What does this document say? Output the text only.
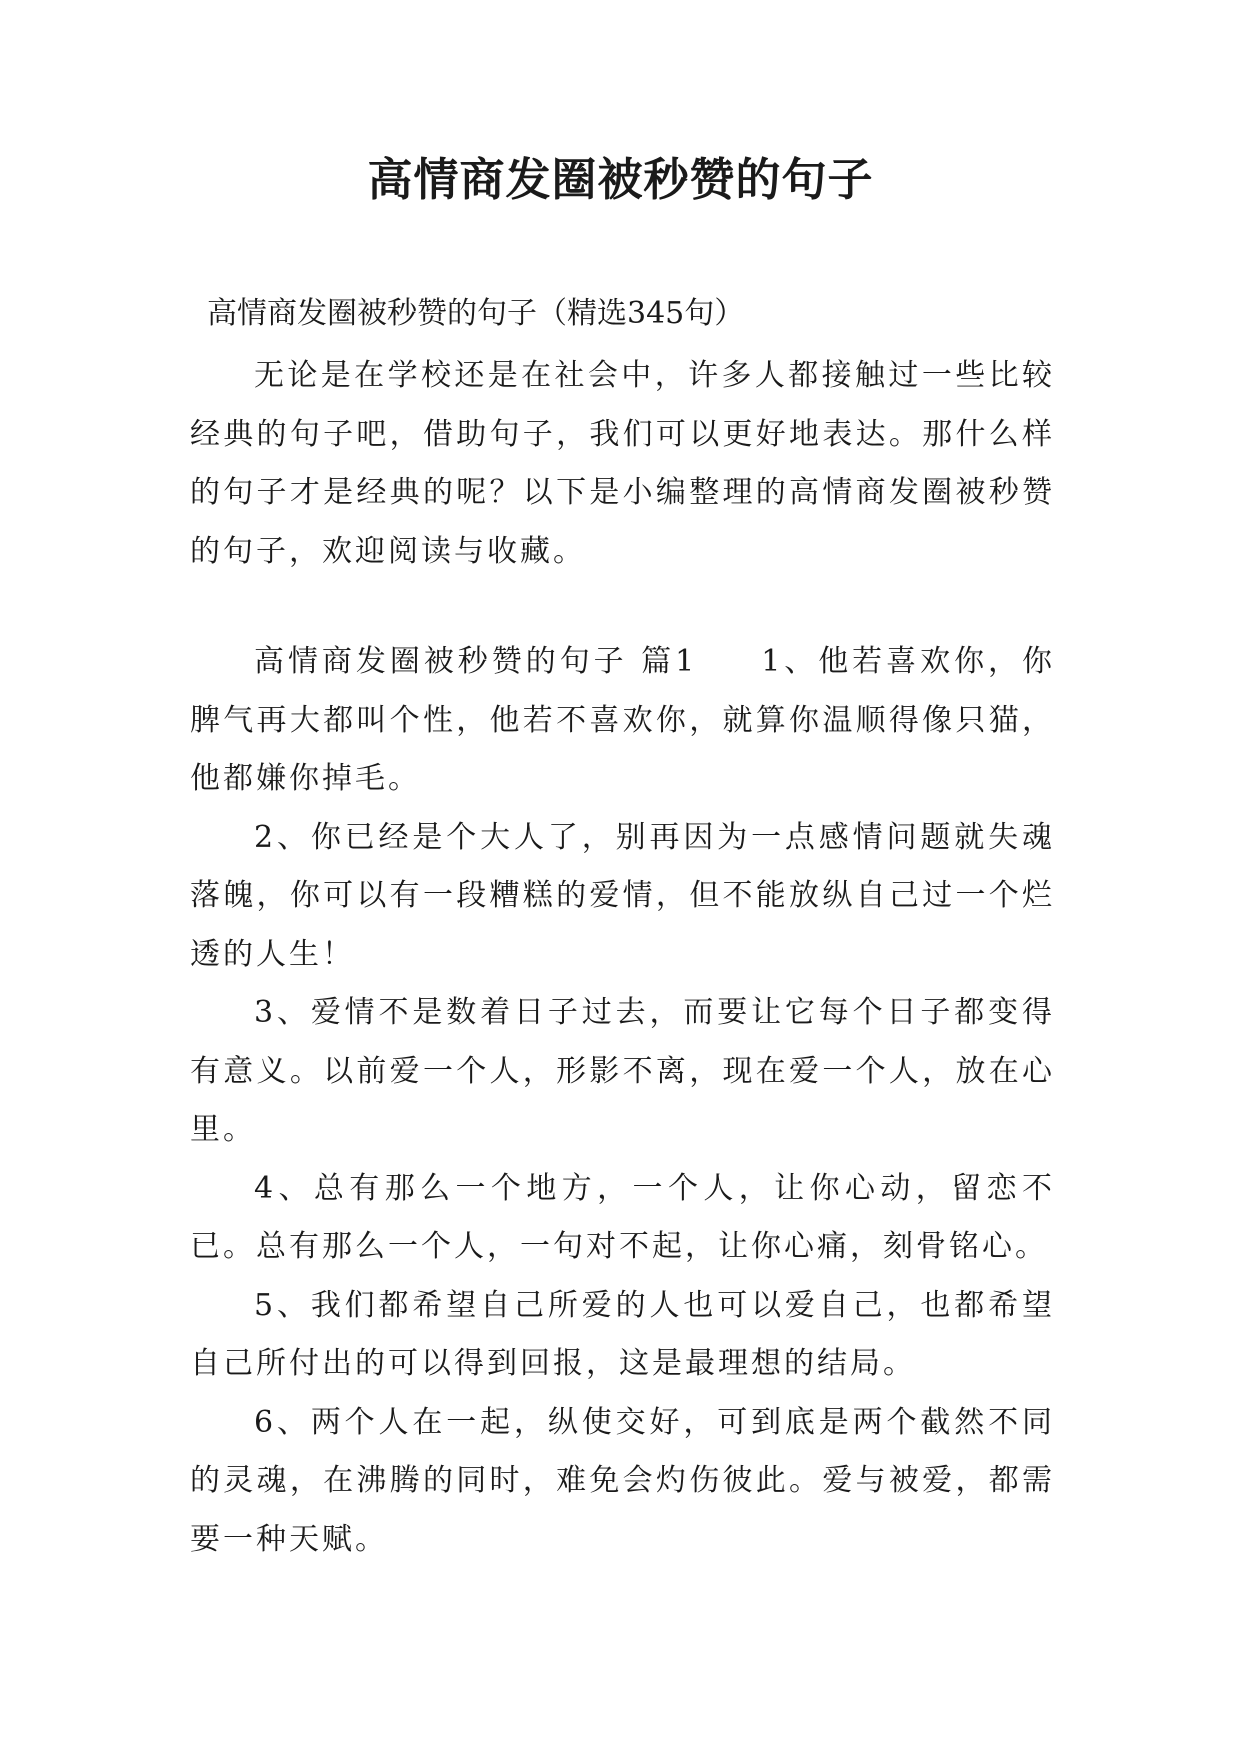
高情商发圈被秒赞的句子

高情商发圈被秒赞的句子（精选345句）

无论是在学校还是在社会中，许多人都接触过一些比较经典的句子吧，借助句子，我们可以更好地表达。那什么样的句子才是经典的呢？以下是小编整理的高情商发圈被秒赞的句子，欢迎阅读与收藏。

高情商发圈被秒赞的句子 篇1 1、他若喜欢你，你脾气再大都叫个性，他若不喜欢你，就算你温顺得像只猫，他都嫌你掉毛。

2、你已经是个大人了，别再因为一点感情问题就失魂落魄，你可以有一段糟糕的爱情，但不能放纵自己过一个烂透的人生！

3、爱情不是数着日子过去，而要让它每个日子都变得有意义。以前爱一个人，形影不离，现在爱一个人，放在心里。

4、总有那么一个地方，一个人，让你心动，留恋不已。总有那么一个人，一句对不起，让你心痛，刻骨铭心。

5、我们都希望自己所爱的人也可以爱自己，也都希望自己所付出的可以得到回报，这是最理想的结局。

6、两个人在一起，纵使交好，可到底是两个截然不同的灵魂，在沸腾的同时，难免会灼伤彼此。爱与被爱，都需要一种天赋。
